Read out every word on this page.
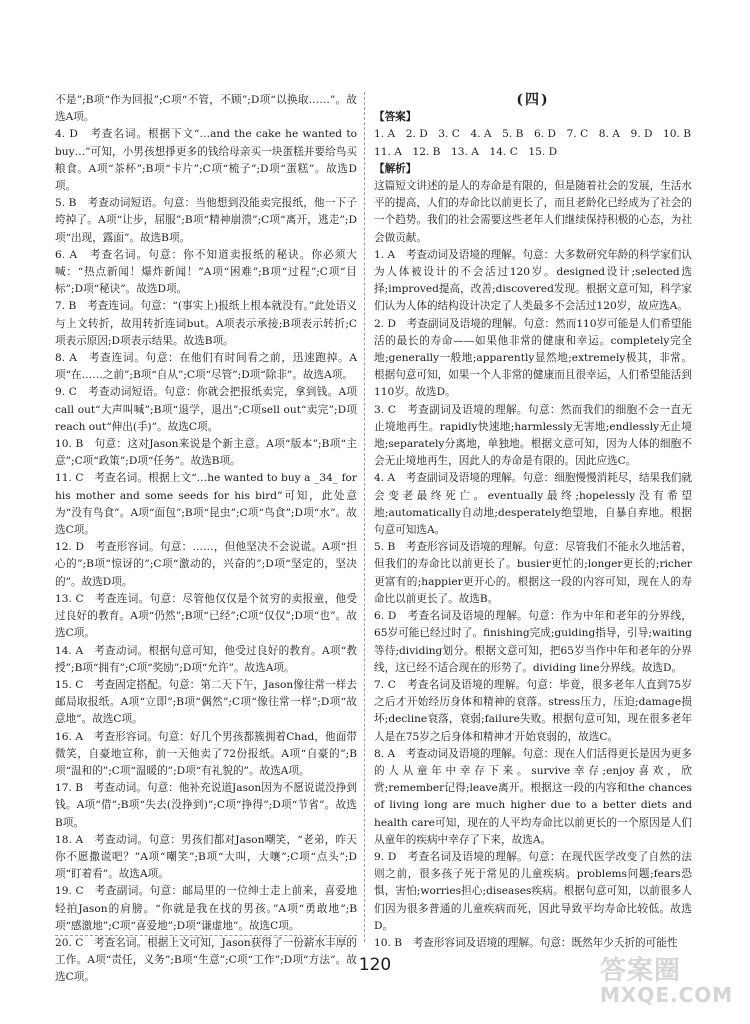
不是”;B项“作为回报”;C项“不管，不顾”;D项“以换取……”。故选A项。

4. D　考查名词。根据下文“…and the cake he wanted to buy…”可知，小男孩想掙更多的钱给母亲买一块蛋糕并要给鸟买粮食。A项“茶杯”;B项“卡片”;C项“梳子”;D项“蛋糕”。故选D项。

5. B　考查动词短语。句意：当他想到没能卖完报纸，他一下子垮掉了。A项“让步，屈服”;B项“精神崩溃”;C项“离开，逃走”;D项“出现，露面”。故选B项。

6. A　考查名词。句意：你不知道卖报纸的秘诀。你必须大喊：“热点新闻！爆炸新闻！”A项“困难”;B项“过程”;C项“目标”;D项“秘诀”。故选D项。

7. B　考查连词。句意：“(事实上)报纸上根本就没有。”此处语义与上文转折，故用转折连词but。A项表示承接;B项表示转折;C项表示原因;D项表示结果。故选B项。

8. A　考查连词。句意：在他们有时间看之前，迅速跑掉。A项“在……之前”;B项“自从”;C项“尽管”;D项“除非”。故选A项。

9. C　考查动词短语。句意：你就会把报纸卖完，拿到钱。A项call out“大声叫喊”;B项“退学，退出”;C项sell out“卖完”;D项reach out“伸出(手)”。故选C项。

10. B　句意：这对Jason来说是个新主意。A项“版本”;B项“主意”;C项“政策”;D项“任务”。故选B项。

11. C　考查名词。根据上文“…he wanted to buy a _34_ for his mother and some seeds for his bird”可知，此处意为“没有鸟食”。A项“面包”;B项“昆虫”;C项“鸟食”;D项“水”。故选C项。

12. D　考查形容词。句意：……，但他坚决不会说谎。A项“担心的”;B项“惊讶的”;C项“激动的，兴奋的”;D项“坚定的，坚决的”。故选D项。

13. C　考查连词。句意：尽管他仅仅是个贫穷的卖报童，他受过良好的教育。A项“仍然”;B项“已经”;C项“仅仅”;D项“也”。故选C项。

14. A　考查动词。根据句意可知，他受过良好的教育。A项“教授”;B项“拥有”;C项“奖励”;D项“允许”。故选A项。

15. C　考查固定搭配。句意：第二天下午，Jason像往常一样去邮局取报纸。A项“立即”;B项“偶然”;C项“像往常一样”;D项“故意地”。故选C项。

16. A　考查形容词。句意：好几个男孩都簇拥着Chad，他面带微笑，自豪地宣称，前一天他卖了72份报纸。A项“自豪的”;B项“温和的”;C项“温暖的”;D项“有礼貌的”。故选A项。

17. B　考查动词。句意：他补充说道Jason因为不愿说谎没挣到钱。A项“借”;B项“失去(没挣到)”;C项“挣得”;D项“节省”。故选B项。

18. A　考查动词。句意：男孩们都对Jason嘲笑，“老弟，昨天你不愿撒谎吧？”A项“嘲笑”;B项“大叫，大嚷”;C项“点头”;D项“盯着看”。故选A项。

19. C　考查副词。句意：邮局里的一位绅士走上前来，喜爱地轻拍Jason的肩膀。“你就是我在找的男孩。”A项“勇敢地”;B项“感激地”;C项“喜爱地”;D项“谦虚地”。故选C项。

20. C　考查名词。根据上文可知，Jason获得了一份薪水丰厚的工作。A项“责任，义务”;B项“生意”;C项“工作”;D项“方法”。故选C项。

(四)

【答案】

1. A　2. D　3. C　4. A　5. B　6. D　7. C　8. A　9. D　10. B

11. A　12. B　13. A　14. C　15. D

【解析】

这篇短文讲述的是人的寿命是有限的，但是随着社会的发展，生活水平的提高，人们的寿命比以前更长了，而且老龄化已经成为了社会的一个趋势。我们的社会需要这些老年人们继续保持积极的心态，为社会做贡献。

1. A　考查动词及语境的理解。句意：大多数研究年龄的科学家们认为人体被设计的不会活过120岁。designed设计;selected选择;improved提高，改善;discovered发现。根据文意可知，科学家们认为人体的结构设计决定了人类最多不会活过120岁，故应选A。

2. D　考查副词及语境的理解。句意：然而110岁可能是人们希望能活的最长的寿命——如果他非常的健康和幸运。completely完全地;generally一般地;apparently显然地;extremely极其，非常。根据句意可知，如果一个人非常的健康而且很幸运，人们希望能活到110岁。故选D。

3. C　考查副词及语境的理解。句意：然而我们的细胞不会一直无止境地再生。rapidly快速地;harmlessly无害地;endlessly无止境地;separately分离地，单独地。根据文意可知，因为人体的细胞不会无止境地再生，因此人的寿命是有限的。因此应选C。

4. A　考查副词及语境的理解。句意：细胞慢慢消耗尽，结果我们就会变老最终死亡。eventually最终;hopelessly没有希望地;automatically自动地;desperately绝望地，自暴自弃地。根据句意可知选A。

5. B　考查形容词及语境的理解。句意：尽管我们不能永久地活着，但我们的寿命比以前更长了。busier更忙的;longer更长的;richer更富有的;happier更开心的。根据这一段的内容可知，现在人的寿命比以前更长了。故选B。

6. D　考查名词及语境的理解。句意：作为中年和老年的分界线，65岁可能已经过时了。finishing完成;guiding指导，引导;waiting等待;dividing划分。根据文意可知，把65岁当作中年和老年的分界线，这已经不适合现在的形势了。dividing line分界线。故选D。

7. C　考查名词及语境的理解。句意：毕竟，很多老年人直到75岁之后才开始经历身体和精神的衰落。stress压力，压迫;damage损坏;decline衰落，衰弱;failure失败。根据句意可知，现在很多老年人是在75岁之后身体和精神才开始衰弱的，故选C。

8. A　考查动词及语境的理解。句意：现在人们活得更长是因为更多的人从童年中幸存下来。survive幸存;enjoy喜欢，欣赏;remember记得;leave离开。根据这一段的内容和the chances of living long are much higher due to a better diets and health care可知，现在的人平均寿命比以前更长的一个原因是人们从童年的疾病中幸存了下来，故选A。

9. D　考查名词及语境的理解。句意：在现代医学改变了自然的法则之前，很多孩子死于常见的儿童疾病。problems问题;fears恐惧，害怕;worries担心;diseases疾病。根据句意可知，以前很多人们因为很多普通的儿童疾病而死，因此导致平均寿命比较低。故选D。

10. B　考查形容词及语境的理解。句意：既然年少夭折的可能性

120	答案圈
MXQE.COM
